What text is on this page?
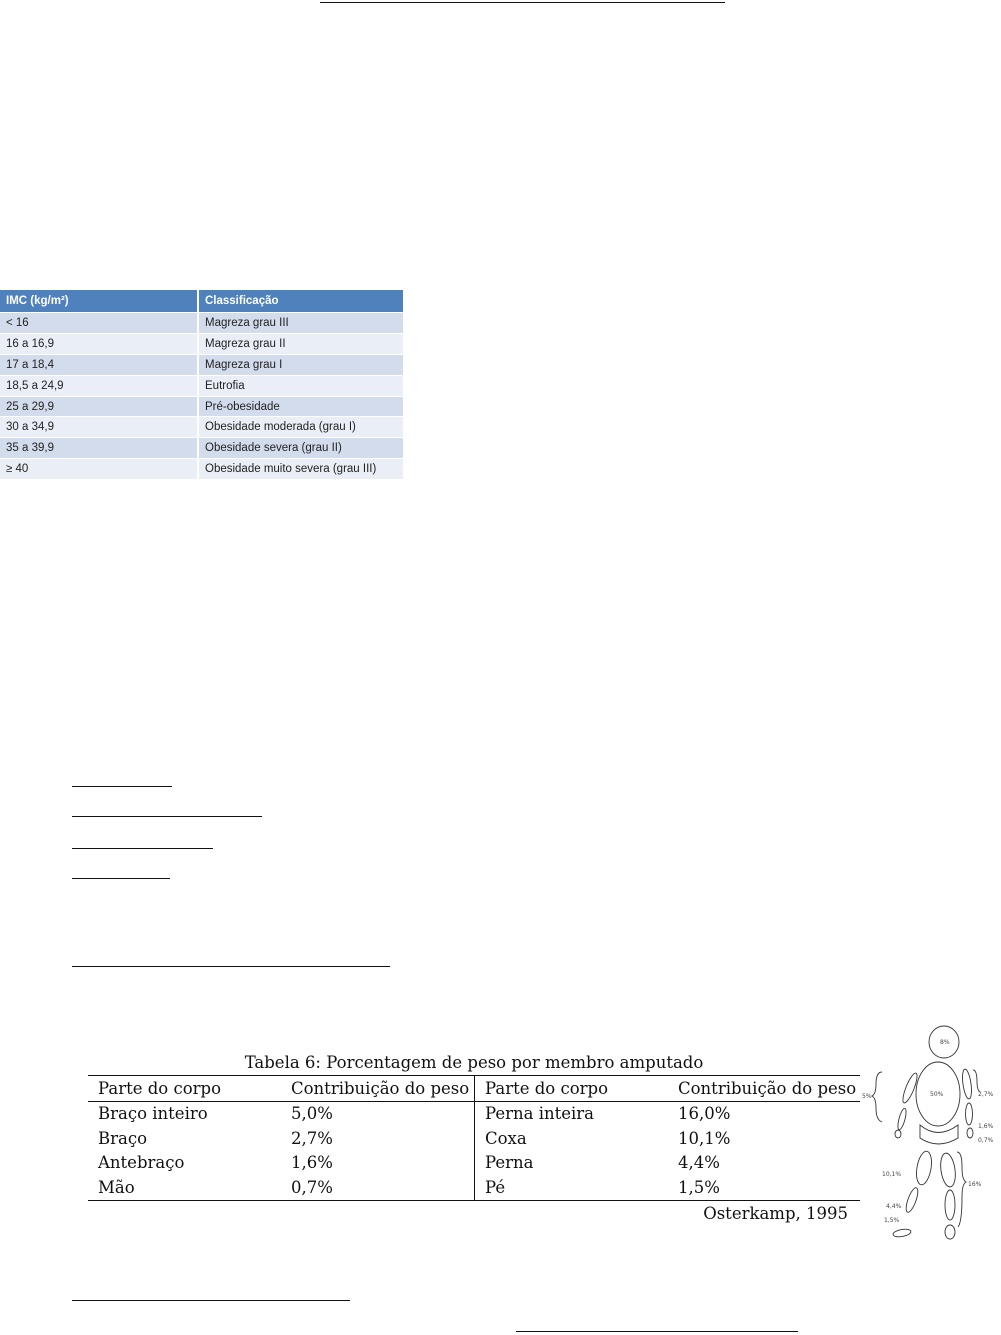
IMC (kg/m²)	Classificação
< 16	Magreza grau III
16 a 16,9	Magreza grau II
17 a 18,4	Magreza grau I
18,5 a 24,9	Eutrofia
25 a 29,9	Pré-obesidade
30 a 34,9	Obesidade moderada (grau I)
35 a 39,9	Obesidade severa (grau II)
≥ 40	Obesidade muito severa (grau III)
Tabela 6: Porcentagem de peso por membro amputado
Parte do corpo	Contribuição do peso	Parte do corpo	Contribuição do peso
Braço inteiro	5,0%	Perna inteira	16,0%
Braço	2,7%	Coxa	10,1%
Antebraço	1,6%	Perna	4,4%
Mão	0,7%	Pé	1,5%
Osterkamp, 1995
8%
50%
5%	2,7%
1,6%
0,7%
10,1%
16%
4,4%
1,5%
